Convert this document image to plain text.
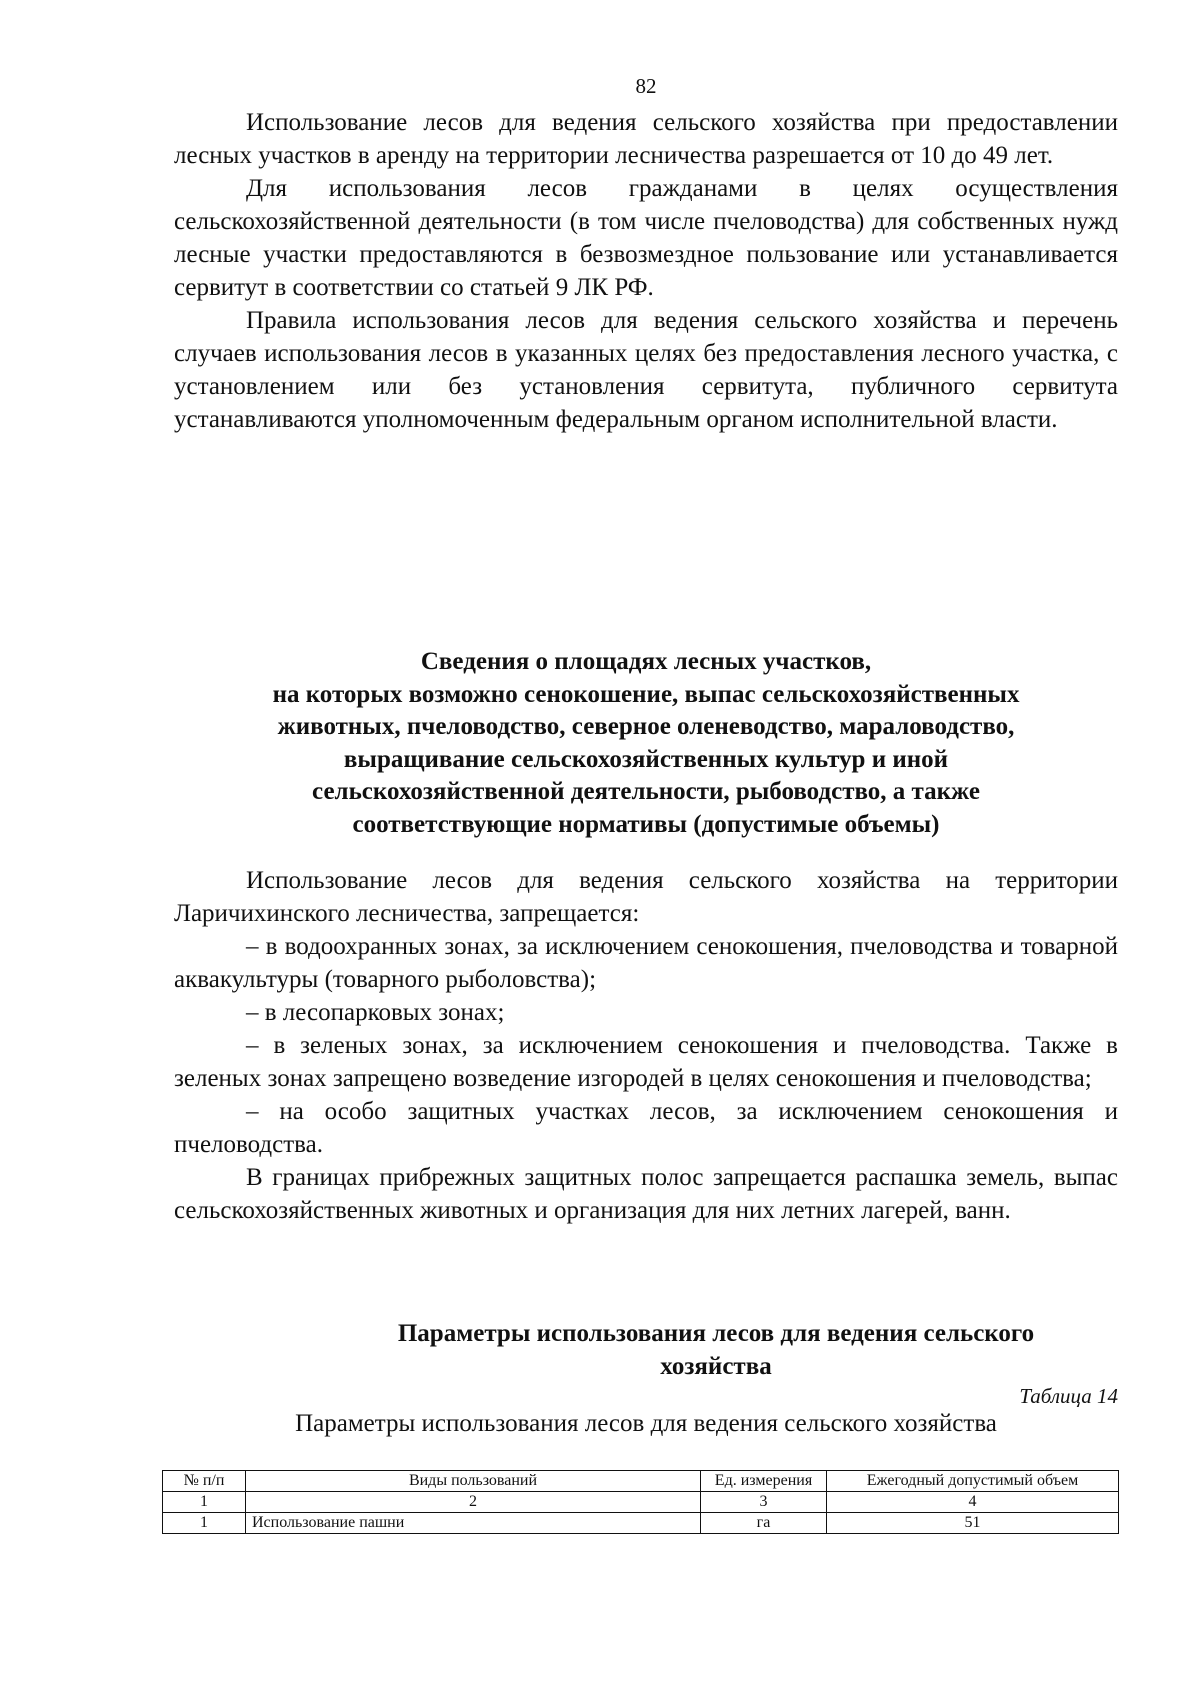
82

Использование лесов для ведения сельского хозяйства при предоставлении лесных участков в аренду на территории лесничества разрешается от 10 до 49 лет.

Для использования лесов гражданами в целях осуществления сельскохозяйственной деятельности (в том числе пчеловодства) для собственных нужд лесные участки предоставляются в безвозмездное пользование или устанавливается сервитут в соответствии со статьей 9 ЛК РФ.

Правила использования лесов для ведения сельского хозяйства и перечень случаев использования лесов в указанных целях без предоставления лесного участка, с установлением или без установления сервитута, публичного сервитута устанавливаются уполномоченным федеральным органом исполнительной власти.

Сведения о площадях лесных участков,
на которых возможно сенокошение, выпас сельскохозяйственных
животных, пчеловодство, северное оленеводство, мараловодство,
выращивание сельскохозяйственных культур и иной
сельскохозяйственной деятельности, рыбоводство, а также
соответствующие нормативы (допустимые объемы)

Использование лесов для ведения сельского хозяйства на территории Ларичихинского лесничества, запрещается:

– в водоохранных зонах, за исключением сенокошения, пчеловодства и товарной аквакультуры (товарного рыболовства);

– в лесопарковых зонах;

– в зеленых зонах, за исключением сенокошения и пчеловодства. Также в зеленых зонах запрещено возведение изгородей в целях сенокошения и пчеловодства;

– на особо защитных участках лесов, за исключением сенокошения и пчеловодства.

В границах прибрежных защитных полос запрещается распашка земель, выпас сельскохозяйственных животных и организация для них летних лагерей, ванн.

Параметры использования лесов для ведения сельского
хозяйства
Таблица 14
Параметры использования лесов для ведения сельского хозяйства
№ п/п	Виды пользований	Ед. измерения	Ежегодный допустимый объем
1	2	3	4
1	Использование пашни	га	51
